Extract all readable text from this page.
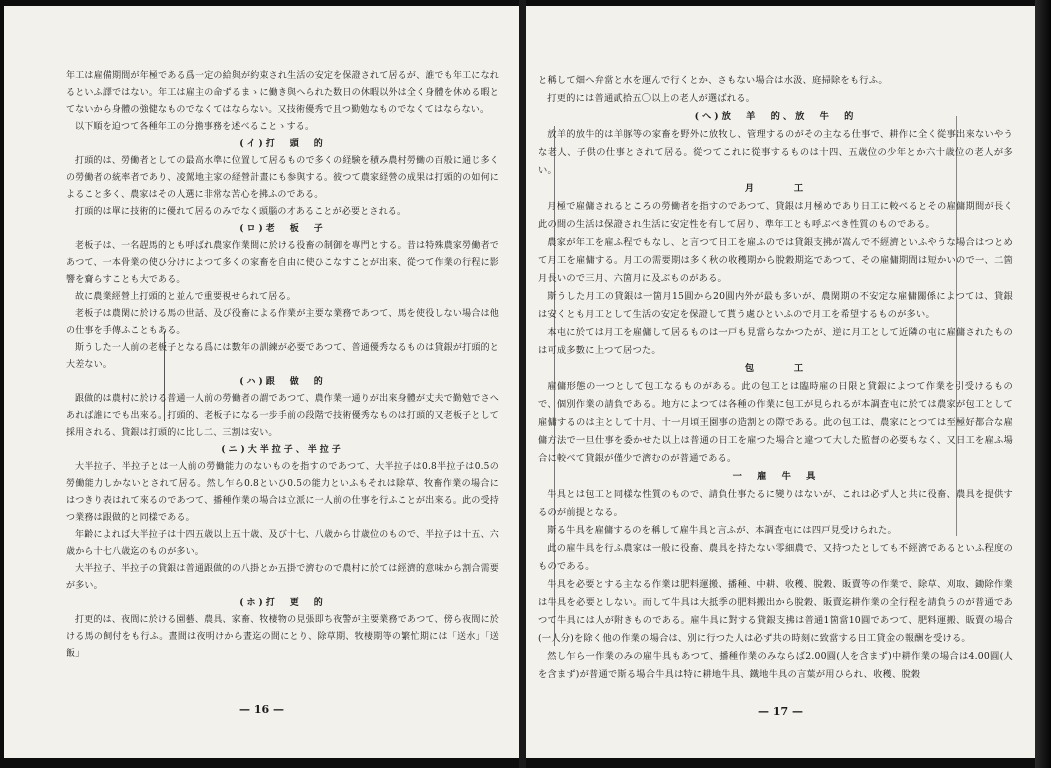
年工は雇備期間が年極である爲一定の給與が約束され生活の安定を保證されて居るが、誰でも年工になれるといふ譯ではない。年工は雇主の命ずるまゝに働き與へられた数日の休暇以外は全く身體を休める暇とてないから身體の強健なものでなくてはならない。又技術優秀で且つ勤勉なものでなくてはならない。

以下順を迫つて各種年工の分擔事務を述べることゝする。

(イ)打　頭　的

打頭的は、勞働者としての最高水準に位置して居るもので多くの経験を積み農村勞働の百般に通じ多くの勞働者の統率者であり、凌駕地主家の経營計畫にも参與する。彼つて農家経營の成果は打頭的の如何によること多く、農家はその人選に非常な苦心を拂ふのである。

打頭的は單に技術的に優れて居るのみでなく頭腦の才あることが必要とされる。

(ロ)老　板　子

老板子は、一名趕馬的とも呼ばれ農家作業間に於ける役畜の制御を專門とする。昔は特殊農家勞働者であつて、一本骨業の使ひ分けによつて多くの家畜を自由に使ひこなすことが出來、從つて作業の行程に影響を齎らすことも大である。

故に農業經營上打頭的と並んで重要視せられて居る。

老板子は農閑に於ける馬の世話、及び役畜による作業が主要な業務であつて、馬を使役しない場合は他の仕事を手傳ふこともある。

斯うした一人前の老板子となる爲には數年の訓練が必要であつて、普通優秀なるものは貸銀が打頭的と大差ない。

(ハ)跟　做　的

跟做的は農村に於ける普通一人前の勞働者の謂であつて、農作業一通りが出來身體が丈夫で勤勉でさへあれば誰にでも出來る。打頭的、老板子になる一步手前の段階で技術優秀なものは打頭的又老板子として採用される、貸銀は打頭的に比し二、三割は安い。

(ニ)大半拉子、半拉子

大半拉子、半拉子とは一人前の勞働能力のないものを指すのであつて、大半拉子は0.8半拉子は0.5の勞働能力しかないとされて居る。然し乍ら0.8といひ0.5の能力といふもそれは除草、牧畜作業の場合にはつきり表はれて來るのであつて、播種作業の場合は立派に一人前の仕事を行ふことが出來る。此の受持つ業務は跟做的と同樣である。

年齢によれば大半拉子は十四五歳以上五十歳、及び十七、八歳から廿歳位のもので、半拉子は十五、六歳から十七八歳迄のものが多い。

大半拉子、半拉子の貸銀は普通跟做的の八掛とか五掛で濟むので農村に於ては經濟的意味から割合需要が多い。

(ホ)打　更　的

打更的は、夜間に於ける園藝、農具、家畜、牧棲物の見張即ち夜警が主要業務であつて、傍ら夜間に於ける馬の飼付をも行ふ。晝間は夜明けから晝迄の間にとり、除草期、牧棲期等の繁忙期には「送水」「送飯」

— 16 —

と稱して畑へ弁當と水を運んで行くとか、さもない場合は水汲、庭掃除をも行ふ。

打更的には普通貳拾五〇以上の老人が選ばれる。

(へ)放　羊　的、放　牛　的

放羊的放牛的は羊豚等の家畜を野外に放牧し、管理するのがその主なる仕事で、耕作に全く從事出來ないやうな老人、子供の仕事とされて居る。從つてこれに從事するものは十四、五歳位の少年とか六十歳位の老人が多い。

月　　　工

月極で雇傭されるところの勞働者を指すのであつて、貸銀は月極めであり日工に較べるとその雇傭期間が長く此の間の生活は保證され生活に安定性を有して居り、準年工とも呼ぶべき性質のものである。

農家が年工を雇ふ程でもなし、と言つて日工を雇ふのでは貸銀支拂が嵩んで不經濟といふやうな場合はつとめて月工を雇傭する。月工の需要期は多く秋の收穫期から脫穀期迄であつて、その雇傭期間は短かいので一、二箇月長いので三月、六箇月に及ぶものがある。

斯うした月工の貸銀は一箇月15圓から20圓内外が最も多いが、農閑期の不安定な雇傭關係によつては、貸銀は安くとも月工として生活の安定を保證して貰う處ひといふので月工を希望するものが多い。

本屯に於ては月工を雇傭して居るものは一戸も見當らなかつたが、逆に月工として近隣の屯に雇傭されたものは可成多數に上つて居つた。

包　　　工

雇傭形態の一つとして包工なるものがある。此の包工とは臨時雇の日限と貸銀によつて作業を引受けるもので、個別作業の請負である。地方によつては各種の作業に包工が見られるが本調査屯に於ては農家が包工として雇傭するのは主として十月、十一月頃王園事の造割との際である。此の包工は、農家にとつては至極好都合な雇傭方法で一旦仕事を委かせた以上は普通の日工を雇つた場合と違つて大した監督の必要もなく、又日工を雇ふ場合に較べて貸銀が僅少で濟むのが普通である。

一　雇　牛　具

牛具とは包工と同樣な性質のもので、請負仕事たるに變りはないが、これは必ず人と共に役畜、農具を提供するのが前提となる。

斯る牛具を雇傭するのを稱して雇牛具と言ふが、本調査屯には四戸見受けられた。

此の雇牛具を行ふ農家は一般に役畜、農具を持たない零細農で、又持つたとしても不經濟であるといふ程度のものである。

牛具を必要とする主なる作業は肥料運搬、播種、中耕、收穫、脫穀、販賣等の作業で、除草、刈取、鋤除作業は牛具を必要としない。而して牛具は大抵季の肥料搬出から脫穀、販賣迄耕作業の全行程を請負うのが普通であつて牛具には人が附きものである。雇牛具に對する貸銀支拂は普通1箇當10圓であつて、肥料運搬、販賣の場合(一人分)を除く他の作業の場合は、別に行つた人は必ず共の時刻に致當する日工貸金の報酬を受ける。

然し乍ら一作業のみの雇牛具もあつて、播種作業のみならば2.00圓(人を含まず)中耕作業の場合は4.00圓(人を含まず)が普通で斯る場合牛具は特に耕地牛具、鐵地牛具の言葉が用ひられ、收穫、脫穀

— 17 —
